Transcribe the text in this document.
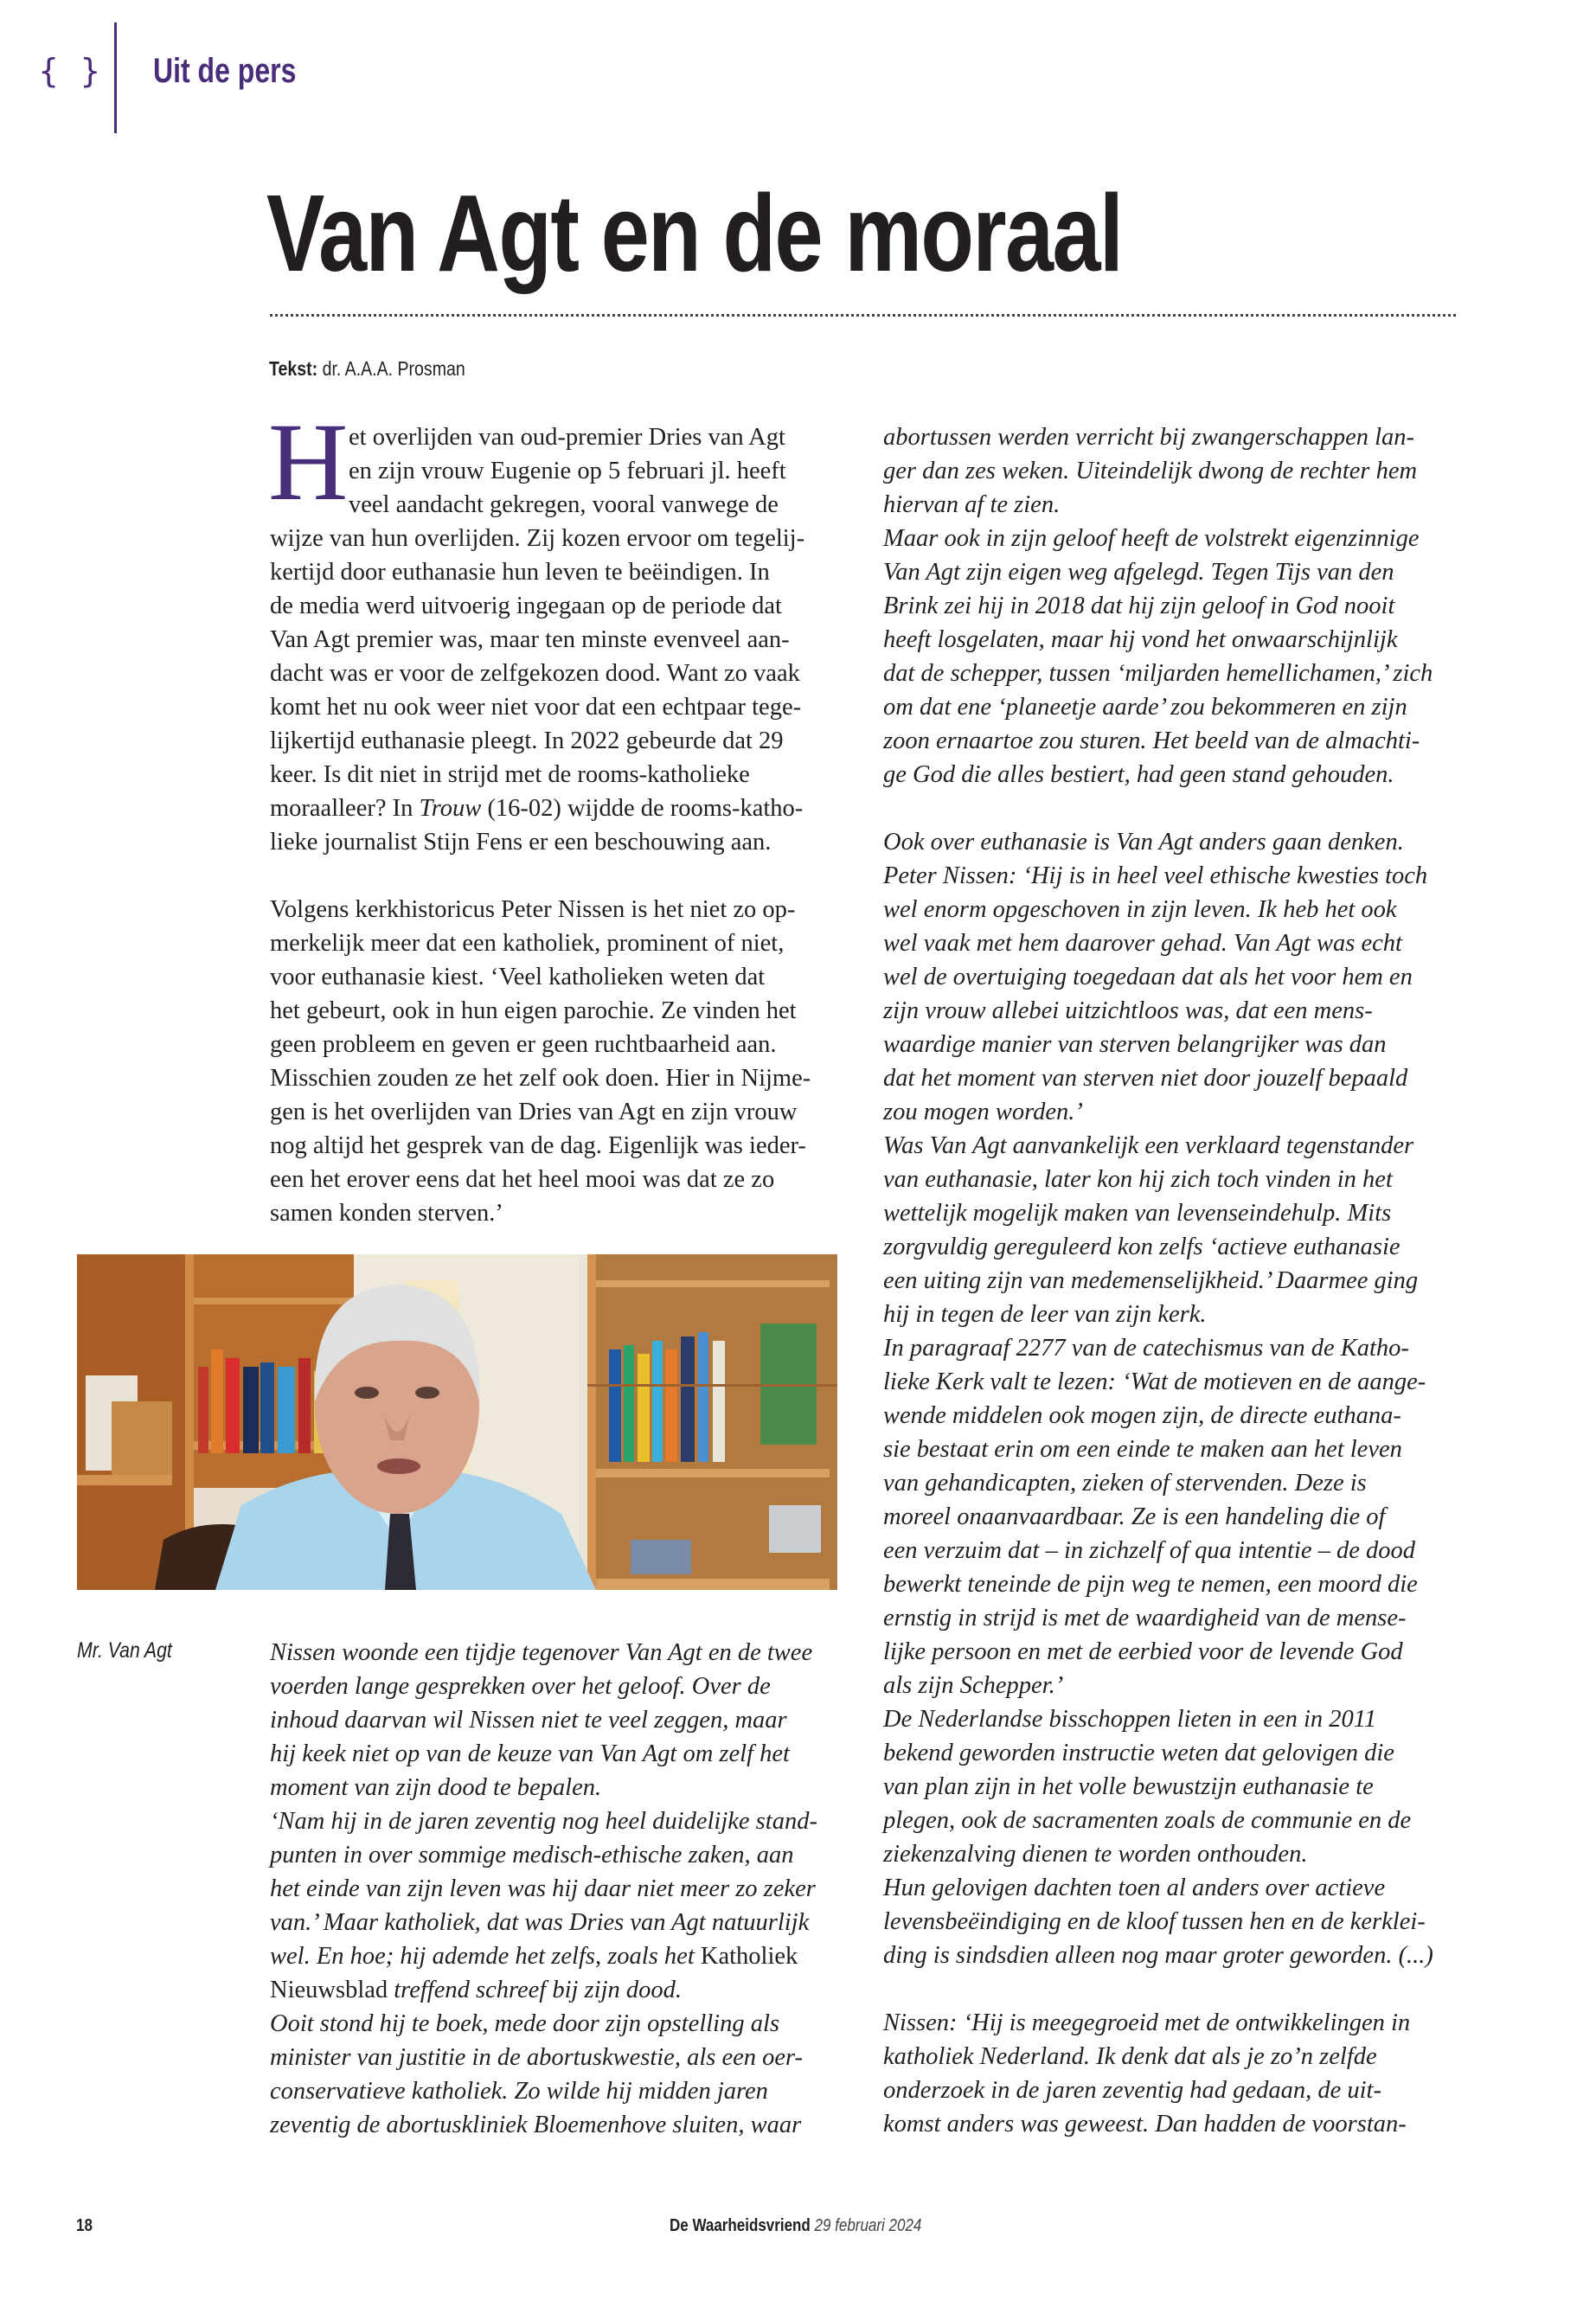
{ } Uit de pers
Van Agt en de moraal
Tekst: dr. A.A.A. Prosman
H et overlijden van oud-premier Dries van Agt
en zijn vrouw Eugenie op 5 februari jl. heeft
veel aandacht gekregen, vooral vanwege de
wijze van hun overlijden. Zij kozen ervoor om tegelij-
kertijd door euthanasie hun leven te beëindigen. In
de media werd uitvoerig ingegaan op de periode dat
Van Agt premier was, maar ten minste evenveel aan-
dacht was er voor de zelfgekozen dood. Want zo vaak
komt het nu ook weer niet voor dat een echtpaar tege-
lijkertijd euthanasie pleegt. In 2022 gebeurde dat 29
keer. Is dit niet in strijd met de rooms-katholieke
moraalleer? In Trouw (16-02) wijdde de rooms-katho-
lieke journalist Stijn Fens er een beschouwing aan.
Volgens kerkhistoricus Peter Nissen is het niet zo op-
merkelijk meer dat een katholiek, prominent of niet,
voor euthanasie kiest. ‘Veel katholieken weten dat
het gebeurt, ook in hun eigen parochie. Ze vinden het
geen probleem en geven er geen ruchtbaarheid aan.
Misschien zouden ze het zelf ook doen. Hier in Nijme-
gen is het overlijden van Dries van Agt en zijn vrouw
nog altijd het gesprek van de dag. Eigenlijk was ieder-
een het erover eens dat het heel mooi was dat ze zo
samen konden sterven.’
Mr. Van Agt	Nissen woonde een tijdje tegenover Van Agt en de twee
voerden lange gesprekken over het geloof. Over de
inhoud daarvan wil Nissen niet te veel zeggen, maar
hij keek niet op van de keuze van Van Agt om zelf het
moment van zijn dood te bepalen.
‘Nam hij in de jaren zeventig nog heel duidelijke stand-
punten in over sommige medisch-ethische zaken, aan
het einde van zijn leven was hij daar niet meer zo zeker
van.’ Maar katholiek, dat was Dries van Agt natuurlijk
wel. En hoe; hij ademde het zelfs, zoals het Katholiek
Nieuwsblad treffend schreef bij zijn dood.
Ooit stond hij te boek, mede door zijn opstelling als
minister van justitie in de abortuskwestie, als een oer-
conservatieve katholiek. Zo wilde hij midden jaren
zeventig de abortuskliniek Bloemenhove sluiten, waar
abortussen werden verricht bij zwangerschappen lan-
ger dan zes weken. Uiteindelijk dwong de rechter hem
hiervan af te zien.
Maar ook in zijn geloof heeft de volstrekt eigenzinnige
Van Agt zijn eigen weg afgelegd. Tegen Tijs van den
Brink zei hij in 2018 dat hij zijn geloof in God nooit
heeft losgelaten, maar hij vond het onwaarschijnlijk
dat de schepper, tussen ‘miljarden hemellichamen,’ zich
om dat ene ‘planeetje aarde’ zou bekommeren en zijn
zoon ernaartoe zou sturen. Het beeld van de almachti-
ge God die alles bestiert, had geen stand gehouden.
Ook over euthanasie is Van Agt anders gaan denken.
Peter Nissen: ‘Hij is in heel veel ethische kwesties toch
wel enorm opgeschoven in zijn leven. Ik heb het ook
wel vaak met hem daarover gehad. Van Agt was echt
wel de overtuiging toegedaan dat als het voor hem en
zijn vrouw allebei uitzichtloos was, dat een mens-
waardige manier van sterven belangrijker was dan
dat het moment van sterven niet door jouzelf bepaald
zou mogen worden.’
Was Van Agt aanvankelijk een verklaard tegenstander
van euthanasie, later kon hij zich toch vinden in het
wettelijk mogelijk maken van levenseindehulp. Mits
zorgvuldig gereguleerd kon zelfs ‘actieve euthanasie
een uiting zijn van medemenselijkheid.’ Daarmee ging
hij in tegen de leer van zijn kerk.
In paragraaf 2277 van de catechismus van de Katho-
lieke Kerk valt te lezen: ‘Wat de motieven en de aange-
wende middelen ook mogen zijn, de directe euthana-
sie bestaat erin om een einde te maken aan het leven
van gehandicapten, zieken of stervenden. Deze is
moreel onaanvaardbaar. Ze is een handeling die of
een verzuim dat – in zichzelf of qua intentie – de dood
bewerkt teneinde de pijn weg te nemen, een moord die
ernstig in strijd is met de waardigheid van de mense-
lijke persoon en met de eerbied voor de levende God
als zijn Schepper.’
De Nederlandse bisschoppen lieten in een in 2011
bekend geworden instructie weten dat gelovigen die
van plan zijn in het volle bewustzijn euthanasie te
plegen, ook de sacramenten zoals de communie en de
ziekenzalving dienen te worden onthouden.
Hun gelovigen dachten toen al anders over actieve
levensbeëindiging en de kloof tussen hen en de kerklei-
ding is sindsdien alleen nog maar groter geworden. (...)
Nissen: ‘Hij is meegegroeid met de ontwikkelingen in
katholiek Nederland. Ik denk dat als je zo’n zelfde
onderzoek in de jaren zeventig had gedaan, de uit-
komst anders was geweest. Dan hadden de voorstan-
18	De Waarheidsvriend 29 februari 2024
